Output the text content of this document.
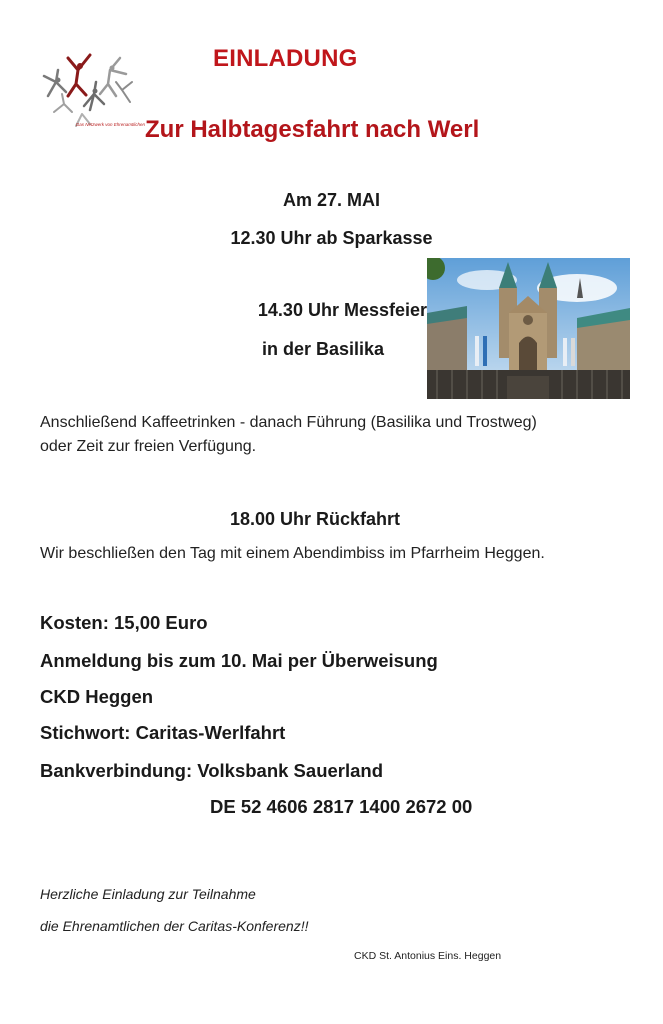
Das Netzwerk von Ehrenamtlichen
EINLADUNG
Zur Halbtagesfahrt nach Werl
Am 27. MAI
12.30 Uhr ab Sparkasse
14.30 Uhr Messfeier
in der Basilika
Anschließend Kaffeetrinken - danach Führung (Basilika und Trostweg)
oder Zeit zur freien Verfügung.
18.00 Uhr Rückfahrt
Wir beschließen den Tag mit einem Abendimbiss im Pfarrheim Heggen.
Kosten: 15,00 Euro
Anmeldung bis zum 10. Mai per Überweisung
CKD Heggen
Stichwort: Caritas-Werlfahrt
Bankverbindung: Volksbank Sauerland
DE 52 4606 2817 1400 2672 00
Herzliche Einladung zur Teilnahme
die Ehrenamtlichen der Caritas-Konferenz!!
CKD St. Antonius Eins. Heggen
